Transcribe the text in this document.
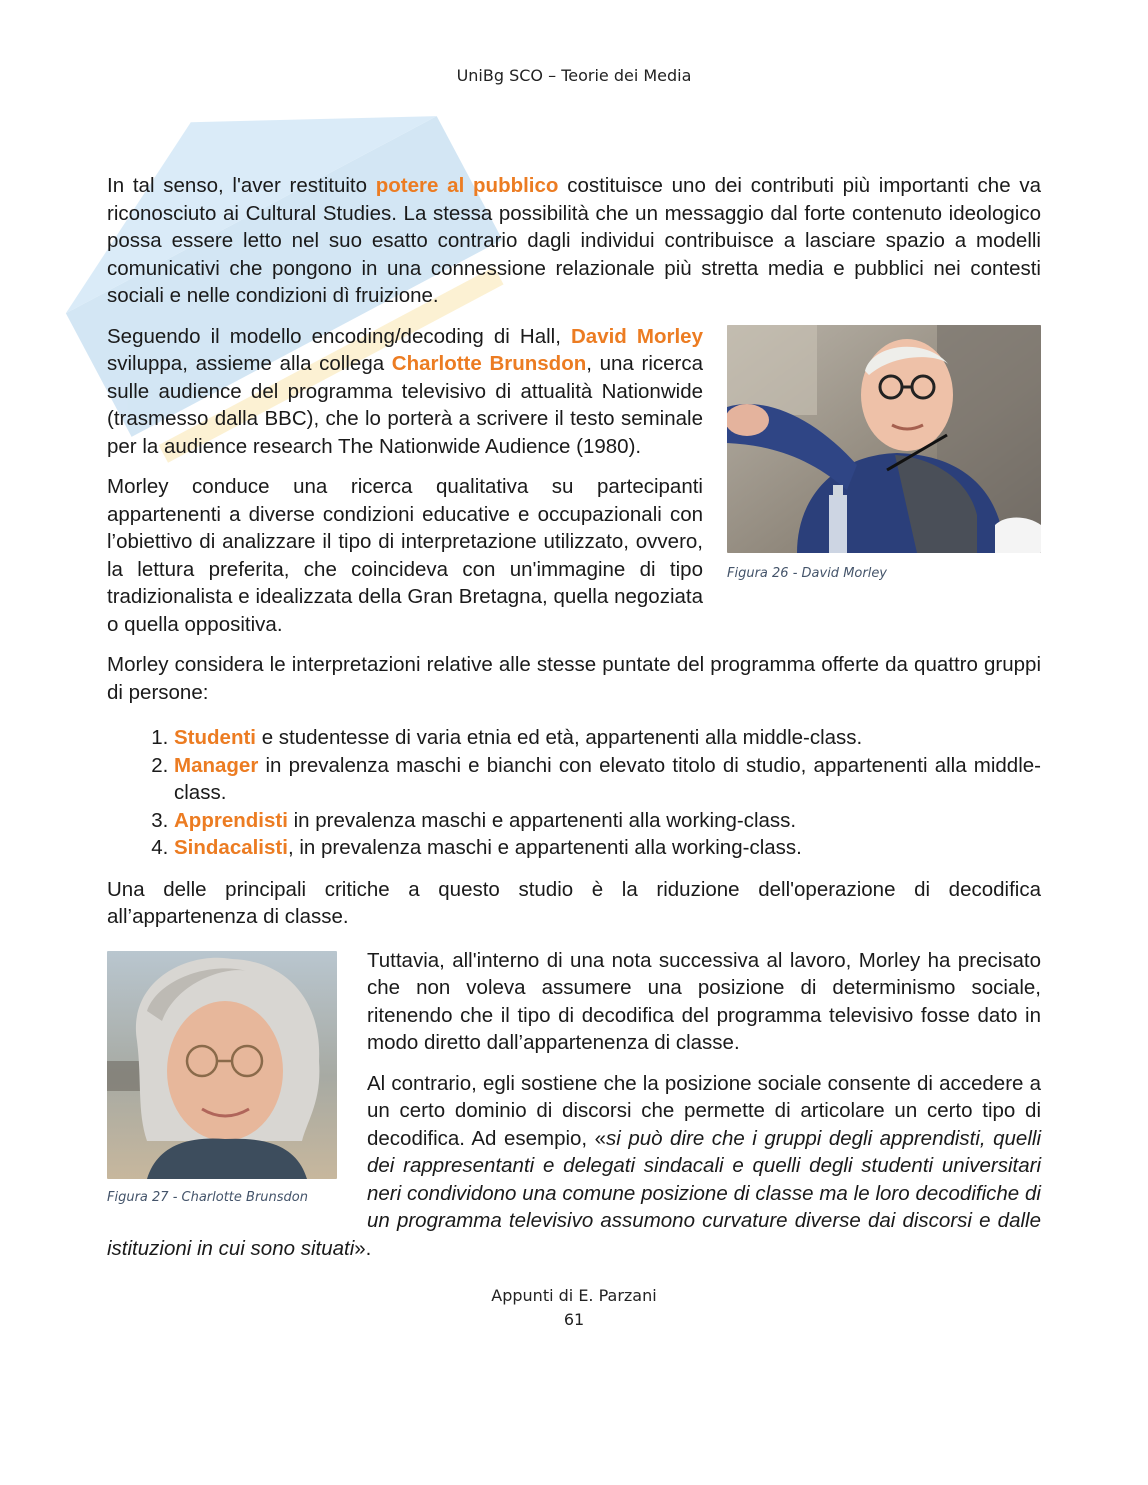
UniBg SCO – Teorie dei Media

In tal senso, l'aver restituito potere al pubblico costituisce uno dei contributi più importanti che va riconosciuto ai Cultural Studies. La stessa possibilità che un messaggio dal forte contenuto ideologico possa essere letto nel suo esatto contrario dagli individui contribuisce a lasciare spazio a modelli comunicativi che pongono in una connessione relazionale più stretta media e pubblici nei contesti sociali e nelle condizioni dì fruizione.

Figura 26 - David Morley

Seguendo il modello encoding/decoding di Hall, David Morley sviluppa, assieme alla collega Charlotte Brunsdon, una ricerca sulle audience del programma televisivo di attualità Nationwide (trasmesso dalla BBC), che lo porterà a scrivere il testo seminale per la audience research The Nationwide Audience (1980).

Morley conduce una ricerca qualitativa su partecipanti appartenenti a diverse condizioni educative e occupazionali con l’obiettivo di analizzare il tipo di interpretazione utilizzato, ovvero, la lettura preferita, che coincideva con un'immagine di tipo tradizionalista e idealizzata della Gran Bretagna, quella negoziata o quella oppositiva.

Morley considera le interpretazioni relative alle stesse puntate del programma offerte da quattro gruppi di persone:

1. Studenti e studentesse di varia etnia ed età, appartenenti alla middle-class.
2. Manager in prevalenza maschi e bianchi con elevato titolo di studio, appartenenti alla middle-class.
3. Apprendisti in prevalenza maschi e appartenenti alla working-class.
4. Sindacalisti, in prevalenza maschi e appartenenti alla working-class.

Una delle principali critiche a questo studio è la riduzione dell'operazione di decodifica all’appartenenza di classe.

Figura 27 - Charlotte Brunsdon

Tuttavia, all'interno di una nota successiva al lavoro, Morley ha precisato che non voleva assumere una posizione di determinismo sociale, ritenendo che il tipo di decodifica del programma televisivo fosse dato in modo diretto dall’appartenenza di classe.

Al contrario, egli sostiene che la posizione sociale consente di accedere a un certo dominio di discorsi che permette di articolare un certo tipo di decodifica. Ad esempio, «si può dire che i gruppi degli apprendisti, quelli dei rappresentanti e delegati sindacali e quelli degli studenti universitari neri condividono una comune posizione di classe ma le loro decodifiche di un programma televisivo assumono curvature diverse dai discorsi e dalle istituzioni in cui sono situati».

Appunti di E. Parzani
61
